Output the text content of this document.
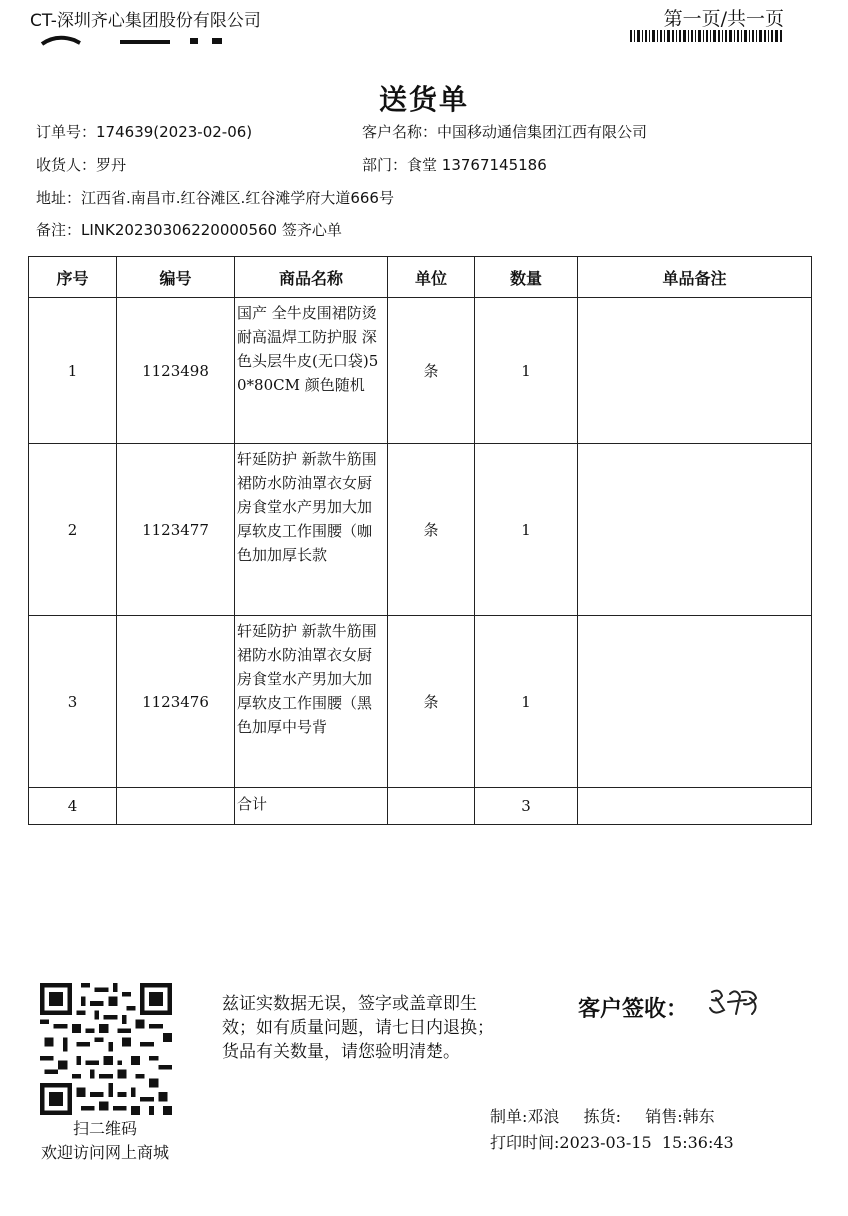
CT-深圳齐心集团股份有限公司	第一页/共一页
送货单
订单号：174639(2023-02-06)	客户名称：中国移动通信集团江西有限公司
收货人：罗丹	部门：食堂 13767145186
地址：江西省.南昌市.红谷滩区.红谷滩学府大道666号
备注：LINK20230306220000560 签齐心单
序号	编号	商品名称	单位	数量	单品备注
1	1123498	国产 全牛皮围裙防烫耐高温焊工防护服 深色头层牛皮(无口袋)50*80CM 颜色随机	条	1	
2	1123477	轩延防护 新款牛筋围裙防水防油罩衣女厨房食堂水产男加大加厚软皮工作围腰（咖色加加厚长款	条	1	
3	1123476	轩延防护 新款牛筋围裙防水防油罩衣女厨房食堂水产男加大加厚软皮工作围腰（黑色加厚中号背	条	1	
4		合计		3	
扫二维码
欢迎访问网上商城
兹证实数据无误，签字或盖章即生
效；如有质量问题，请七日内退换；
货品有关数量，请您验明清楚。
客户签收：
制单:邓浪 拣货: 销售:韩东
打印时间:2023-03-15  15:36:43
